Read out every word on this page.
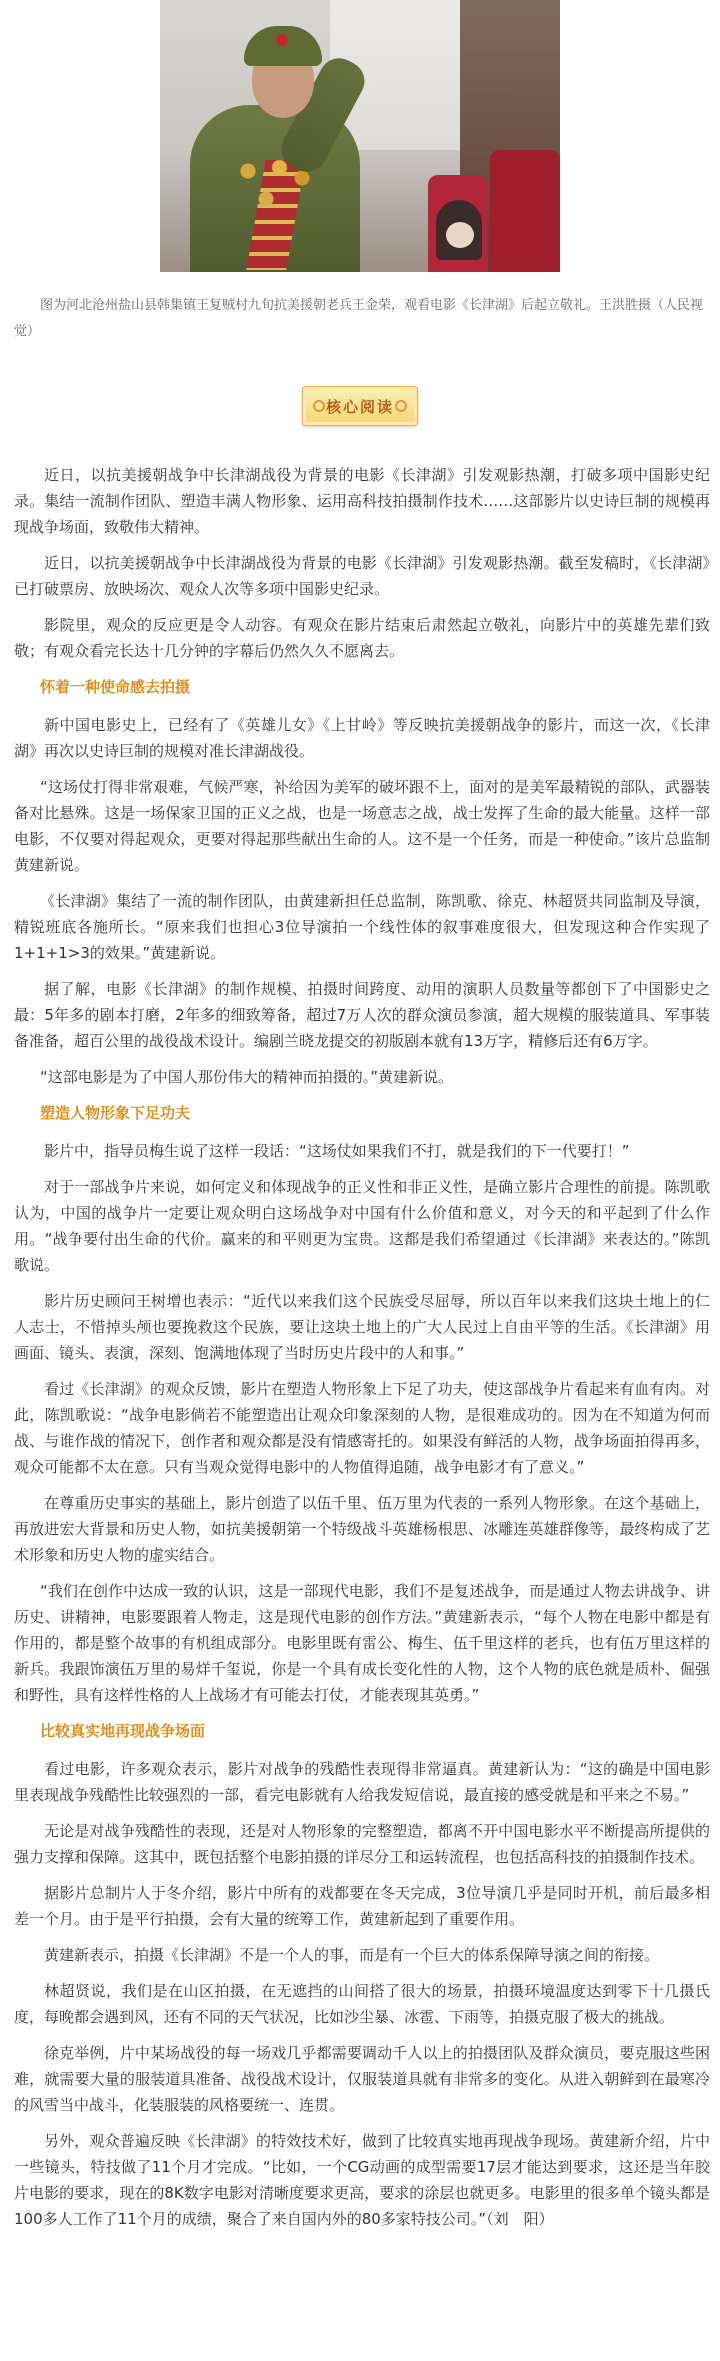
图为河北沧州盐山县韩集镇王复贼村九旬抗美援朝老兵王金荣，观看电影《长津湖》后起立敬礼。王洪胜摄（人民视觉）
核心阅读

近日，以抗美援朝战争中长津湖战役为背景的电影《长津湖》引发观影热潮，打破多项中国影史纪录。集结一流制作团队、塑造丰满人物形象、运用高科技拍摄制作技术……这部影片以史诗巨制的规模再现战争场面，致敬伟大精神。

近日，以抗美援朝战争中长津湖战役为背景的电影《长津湖》引发观影热潮。截至发稿时，《长津湖》已打破票房、放映场次、观众人次等多项中国影史纪录。

影院里，观众的反应更是令人动容。有观众在影片结束后肃然起立敬礼，向影片中的英雄先辈们致敬；有观众看完长达十几分钟的字幕后仍然久久不愿离去。

怀着一种使命感去拍摄

新中国电影史上，已经有了《英雄儿女》《上甘岭》等反映抗美援朝战争的影片，而这一次，《长津湖》再次以史诗巨制的规模对准长津湖战役。

“这场仗打得非常艰难，气候严寒，补给因为美军的破坏跟不上，面对的是美军最精锐的部队，武器装备对比悬殊。这是一场保家卫国的正义之战，也是一场意志之战，战士发挥了生命的最大能量。这样一部电影，不仅要对得起观众，更要对得起那些献出生命的人。这不是一个任务，而是一种使命。”该片总监制黄建新说。

《长津湖》集结了一流的制作团队，由黄建新担任总监制，陈凯歌、徐克、林超贤共同监制及导演，精锐班底各施所长。“原来我们也担心3位导演拍一个线性体的叙事难度很大，但发现这种合作实现了1+1+1>3的效果。”黄建新说。

据了解，电影《长津湖》的制作规模、拍摄时间跨度、动用的演职人员数量等都创下了中国影史之最：5年多的剧本打磨，2年多的细致筹备，超过7万人次的群众演员参演，超大规模的服装道具、军事装备准备，超百公里的战役战术设计。编剧兰晓龙提交的初版剧本就有13万字，精修后还有6万字。

“这部电影是为了中国人那份伟大的精神而拍摄的。”黄建新说。

塑造人物形象下足功夫

影片中，指导员梅生说了这样一段话：“这场仗如果我们不打，就是我们的下一代要打！”

对于一部战争片来说，如何定义和体现战争的正义性和非正义性，是确立影片合理性的前提。陈凯歌认为，中国的战争片一定要让观众明白这场战争对中国有什么价值和意义，对今天的和平起到了什么作用。“战争要付出生命的代价。赢来的和平则更为宝贵。这都是我们希望通过《长津湖》来表达的。”陈凯歌说。

影片历史顾问王树增也表示：“近代以来我们这个民族受尽屈辱，所以百年以来我们这块土地上的仁人志士，不惜掉头颅也要挽救这个民族，要让这块土地上的广大人民过上自由平等的生活。《长津湖》用画面、镜头、表演，深刻、饱满地体现了当时历史片段中的人和事。”

看过《长津湖》的观众反馈，影片在塑造人物形象上下足了功夫，使这部战争片看起来有血有肉。对此，陈凯歌说：“战争电影倘若不能塑造出让观众印象深刻的人物，是很难成功的。因为在不知道为何而战、与谁作战的情况下，创作者和观众都是没有情感寄托的。如果没有鲜活的人物，战争场面拍得再多，观众可能都不太在意。只有当观众觉得电影中的人物值得追随，战争电影才有了意义。”

在尊重历史事实的基础上，影片创造了以伍千里、伍万里为代表的一系列人物形象。在这个基础上，再放进宏大背景和历史人物，如抗美援朝第一个特级战斗英雄杨根思、冰雕连英雄群像等，最终构成了艺术形象和历史人物的虚实结合。

“我们在创作中达成一致的认识，这是一部现代电影，我们不是复述战争，而是通过人物去讲战争、讲历史、讲精神，电影要跟着人物走，这是现代电影的创作方法。”黄建新表示，“每个人物在电影中都是有作用的，都是整个故事的有机组成部分。电影里既有雷公、梅生、伍千里这样的老兵，也有伍万里这样的新兵。我跟饰演伍万里的易烊千玺说，你是一个具有成长变化性的人物，这个人物的底色就是质朴、倔强和野性，具有这样性格的人上战场才有可能去打仗，才能表现其英勇。”

比较真实地再现战争场面

看过电影，许多观众表示，影片对战争的残酷性表现得非常逼真。黄建新认为：“这的确是中国电影里表现战争残酷性比较强烈的一部，看完电影就有人给我发短信说，最直接的感受就是和平来之不易。”

无论是对战争残酷性的表现，还是对人物形象的完整塑造，都离不开中国电影水平不断提高所提供的强力支撑和保障。这其中，既包括整个电影拍摄的详尽分工和运转流程，也包括高科技的拍摄制作技术。

据影片总制片人于冬介绍，影片中所有的戏都要在冬天完成，3位导演几乎是同时开机，前后最多相差一个月。由于是平行拍摄，会有大量的统筹工作，黄建新起到了重要作用。

黄建新表示，拍摄《长津湖》不是一个人的事，而是有一个巨大的体系保障导演之间的衔接。

林超贤说，我们是在山区拍摄，在无遮挡的山间搭了很大的场景，拍摄环境温度达到零下十几摄氏度，每晚都会遇到风，还有不同的天气状况，比如沙尘暴、冰雹、下雨等，拍摄克服了极大的挑战。

徐克举例，片中某场战役的每一场戏几乎都需要调动千人以上的拍摄团队及群众演员，要克服这些困难，就需要大量的服装道具准备、战役战术设计，仅服装道具就有非常多的变化。从进入朝鲜到在最寒冷的风雪当中战斗，化装服装的风格要统一、连贯。

另外，观众普遍反映《长津湖》的特效技术好，做到了比较真实地再现战争现场。黄建新介绍，片中一些镜头，特技做了11个月才完成。“比如，一个CG动画的成型需要17层才能达到要求，这还是当年胶片电影的要求，现在的8K数字电影对清晰度要求更高，要求的涂层也就更多。电影里的很多单个镜头都是100多人工作了11个月的成绩，聚合了来自国内外的80多家特技公司。”（刘　阳）
